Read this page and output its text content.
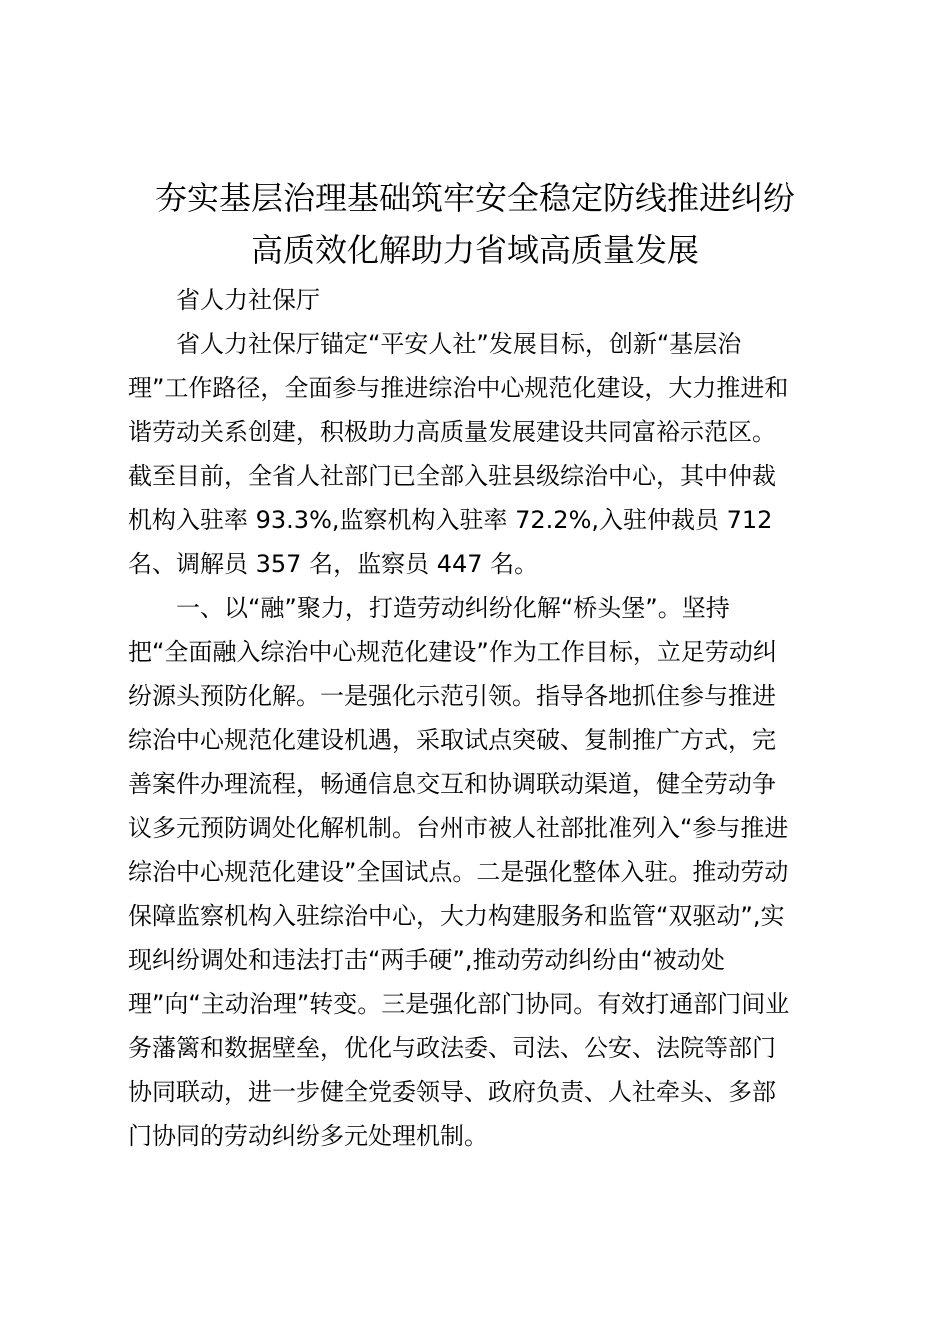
夯实基层治理基础筑牢安全稳定防线推进纠纷
高质效化解助力省域高质量发展
省人力社保厅
省人力社保厅锚定“平安人社”发展目标，创新“基层治
理”工作路径，全面参与推进综治中心规范化建设，大力推进和
谐劳动关系创建，积极助力高质量发展建设共同富裕示范区。
截至目前，全省人社部门已全部入驻县级综治中心，其中仲裁
机构入驻率 93.3%,监察机构入驻率 72.2%,入驻仲裁员 712
名、调解员 357 名，监察员 447 名。
一、以“融”聚力，打造劳动纠纷化解“桥头堡”。坚持
把“全面融入综治中心规范化建设”作为工作目标，立足劳动纠
纷源头预防化解。一是强化示范引领。指导各地抓住参与推进
综治中心规范化建设机遇，采取试点突破、复制推广方式，完
善案件办理流程，畅通信息交互和协调联动渠道，健全劳动争
议多元预防调处化解机制。台州市被人社部批准列入“参与推进
综治中心规范化建设”全国试点。二是强化整体入驻。推动劳动
保障监察机构入驻综治中心，大力构建服务和监管“双驱动”,实
现纠纷调处和违法打击“两手硬”,推动劳动纠纷由“被动处
理”向“主动治理”转变。三是强化部门协同。有效打通部门间业
务藩篱和数据壁垒，优化与政法委、司法、公安、法院等部门
协同联动，进一步健全党委领导、政府负责、人社牵头、多部
门协同的劳动纠纷多元处理机制。
